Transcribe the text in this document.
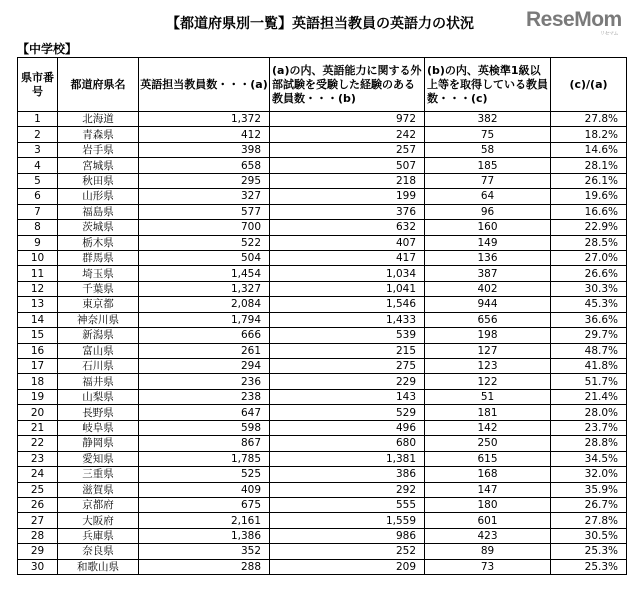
【都道府県別一覧】英語担当教員の英語力の状況	ReseMom
リセマム
【中学校】
県市番号	都道府県名	英語担当教員数・・・(a)	(a)の内、英語能力に関する外部試験を受験した経験のある教員数・・・(b)	(b)の内、英検準1級以上等を取得している教員数・・・(c)	(c)/(a)
1	北海道	1,372	972	382	27.8%
2	青森県	412	242	75	18.2%
3	岩手県	398	257	58	14.6%
4	宮城県	658	507	185	28.1%
5	秋田県	295	218	77	26.1%
6	山形県	327	199	64	19.6%
7	福島県	577	376	96	16.6%
8	茨城県	700	632	160	22.9%
9	栃木県	522	407	149	28.5%
10	群馬県	504	417	136	27.0%
11	埼玉県	1,454	1,034	387	26.6%
12	千葉県	1,327	1,041	402	30.3%
13	東京都	2,084	1,546	944	45.3%
14	神奈川県	1,794	1,433	656	36.6%
15	新潟県	666	539	198	29.7%
16	富山県	261	215	127	48.7%
17	石川県	294	275	123	41.8%
18	福井県	236	229	122	51.7%
19	山梨県	238	143	51	21.4%
20	長野県	647	529	181	28.0%
21	岐阜県	598	496	142	23.7%
22	静岡県	867	680	250	28.8%
23	愛知県	1,785	1,381	615	34.5%
24	三重県	525	386	168	32.0%
25	滋賀県	409	292	147	35.9%
26	京都府	675	555	180	26.7%
27	大阪府	2,161	1,559	601	27.8%
28	兵庫県	1,386	986	423	30.5%
29	奈良県	352	252	89	25.3%
30	和歌山県	288	209	73	25.3%
